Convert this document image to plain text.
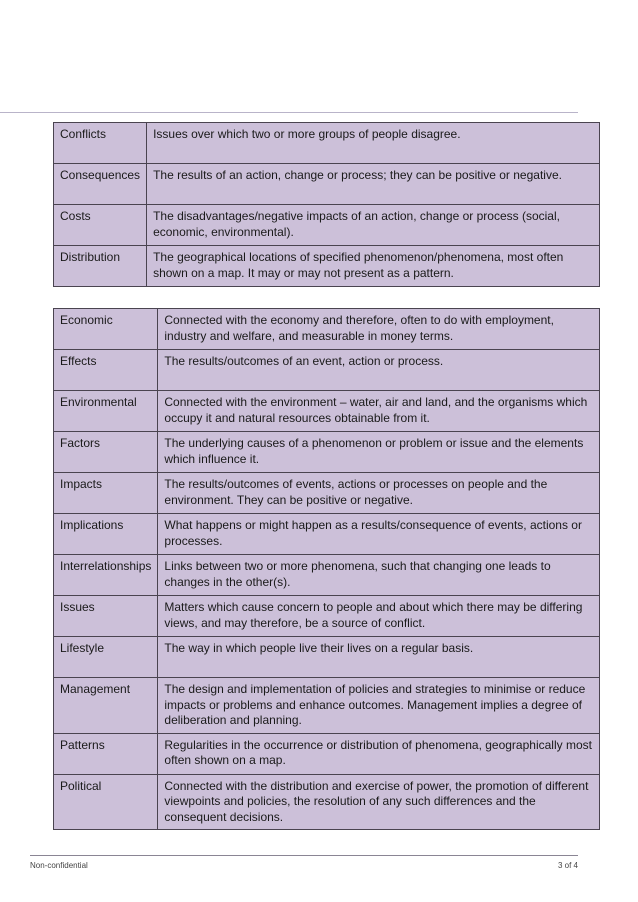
Conflicts	Issues over which two or more groups of people disagree.
Consequences	The results of an action, change or process; they can be positive or negative.
Costs	The disadvantages/negative impacts of an action, change or process (social, economic, environmental).
Distribution	The geographical locations of specified phenomenon/phenomena, most often shown on a map. It may or may not present as a pattern.
Economic	Connected with the economy and therefore, often to do with employment, industry and welfare, and measurable in money terms.
Effects	The results/outcomes of an event, action or process.
Environmental	Connected with the environment – water, air and land, and the organisms which occupy it and natural resources obtainable from it.
Factors	The underlying causes of a phenomenon or problem or issue and the elements which influence it.
Impacts	The results/outcomes of events, actions or processes on people and the environment. They can be positive or negative.
Implications	What happens or might happen as a results/consequence of events, actions or processes.
Interrelationships	Links between two or more phenomena, such that changing one leads to changes in the other(s).
Issues	Matters which cause concern to people and about which there may be differing views, and may therefore, be a source of conflict.
Lifestyle	The way in which people live their lives on a regular basis.
Management	The design and implementation of policies and strategies to minimise or reduce impacts or problems and enhance outcomes. Management implies a degree of deliberation and planning.
Patterns	Regularities in the occurrence or distribution of phenomena, geographically most often shown on a map.
Political	Connected with the distribution and exercise of power, the promotion of different viewpoints and policies, the resolution of any such differences and the consequent decisions.
Non-confidential	3 of 4
